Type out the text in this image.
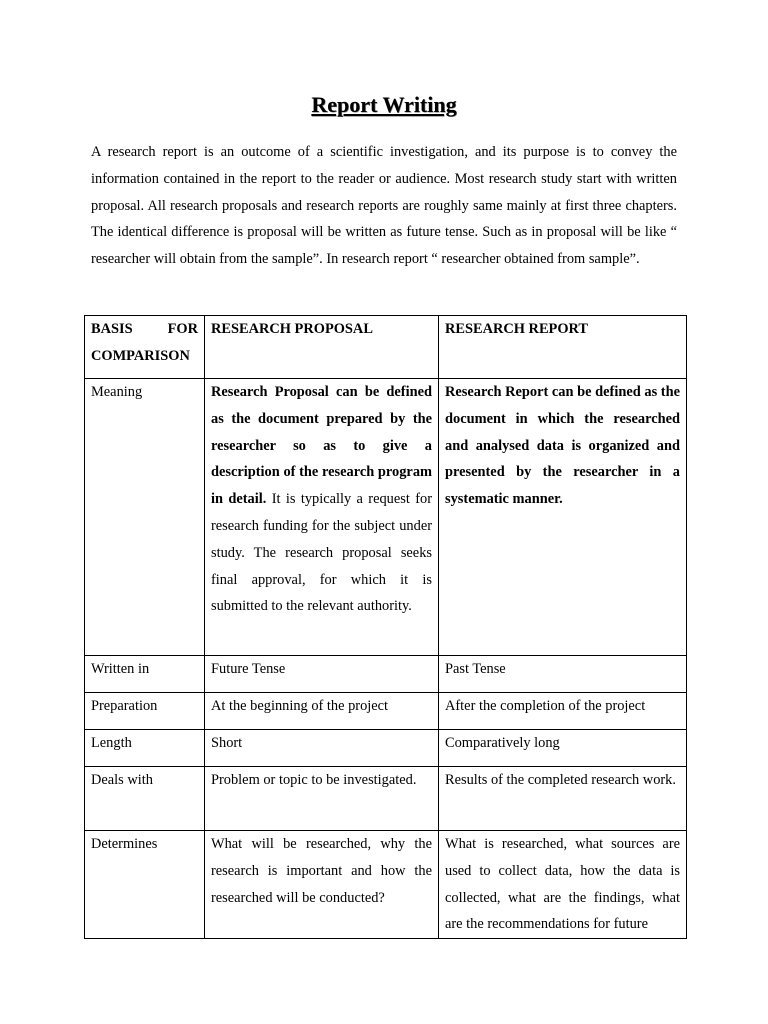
Report Writing

A research report is an outcome of a scientific investigation, and its purpose is to convey the information contained in the report to the reader or audience. Most research study start with written proposal. All research proposals and research reports are roughly same mainly at first three chapters. The identical difference is proposal will be written as future tense. Such as in proposal will be like “ researcher will obtain from the sample”. In research report “ researcher obtained from sample”.

BASIS FOR COMPARISON	RESEARCH PROPOSAL	RESEARCH REPORT
Meaning	Research Proposal can be defined as the document prepared by the researcher so as to give a description of the research program in detail. It is typically a request for research funding for the subject under study. The research proposal seeks final approval, for which it is submitted to the relevant authority.	Research Report can be defined as the document in which the researched and analysed data is organized and presented by the researcher in a systematic manner.
Written in	Future Tense	Past Tense
Preparation	At the beginning of the project	After the completion of the project
Length	Short	Comparatively long
Deals with	Problem or topic to be investigated.	Results of the completed research work.
Determines	What will be researched, why the research is important and how the researched will be conducted?	What is researched, what sources are used to collect data, how the data is collected, what are the findings, what are the recommendations for future
